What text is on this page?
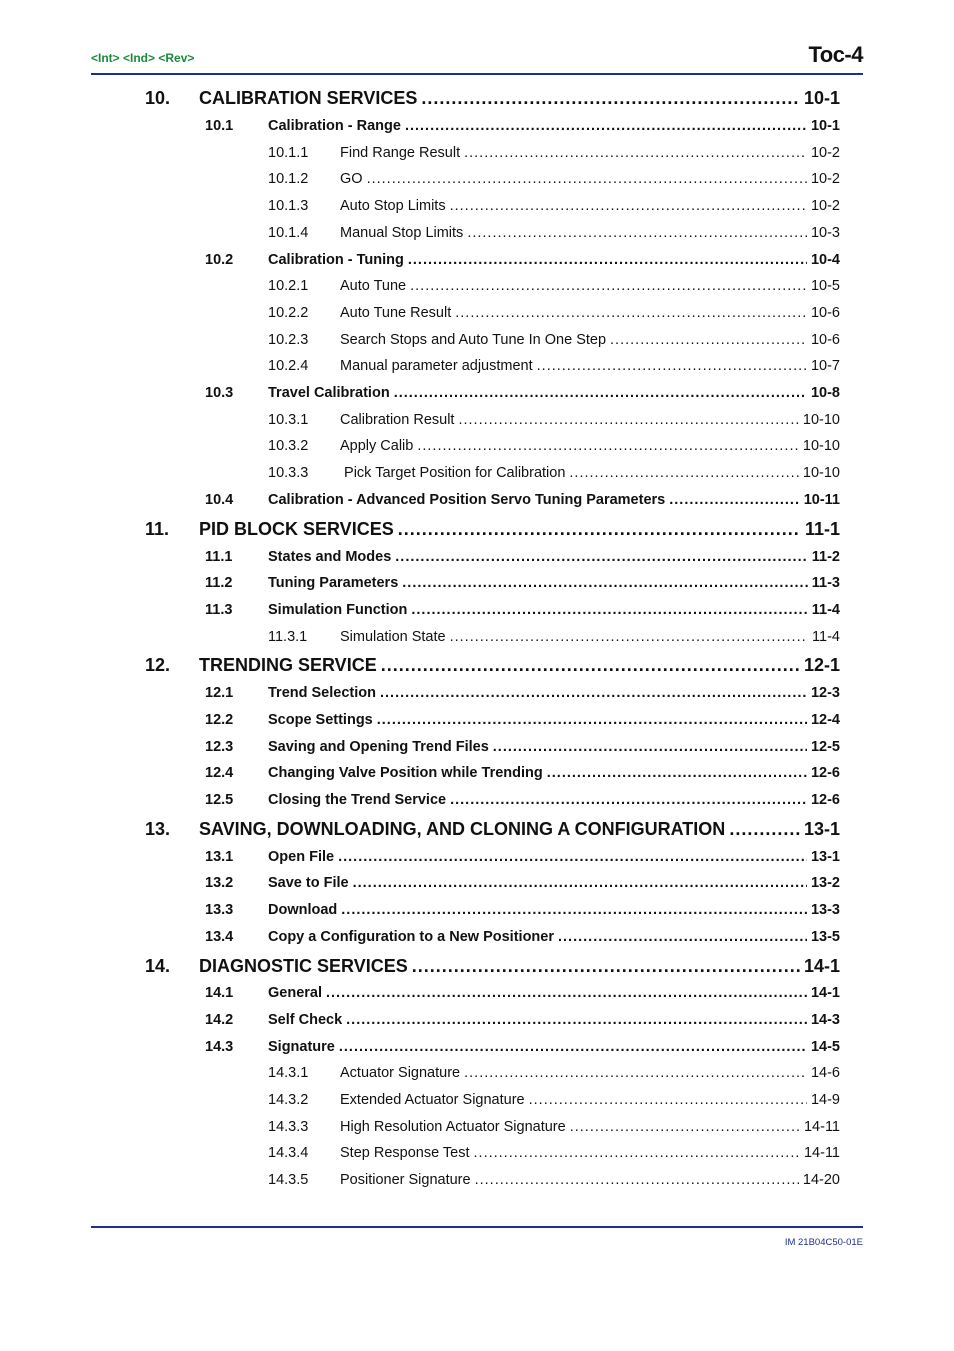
<Int> <Ind> <Rev>	Toc-4
10.	CALIBRATION SERVICES .....	10-1
10.1	Calibration - Range .....	10-1
10.1.1	Find Range Result .....	10-2
10.1.2	GO .....	10-2
10.1.3	Auto Stop Limits .....	10-2
10.1.4	Manual Stop Limits .....	10-3
10.2	Calibration - Tuning .....	10-4
10.2.1	Auto Tune .....	10-5
10.2.2	Auto Tune Result .....	10-6
10.2.3	Search Stops and Auto Tune In One Step .....	10-6
10.2.4	Manual parameter adjustment .....	10-7
10.3	Travel Calibration .....	10-8
10.3.1	Calibration Result .....	10-10
10.3.2	Apply Calib .....	10-10
10.3.3	Pick Target Position for Calibration .....	10-10
10.4	Calibration - Advanced Position Servo Tuning Parameters .....	10-11
11.	PID BLOCK SERVICES .....	11-1
11.1	States and Modes .....	11-2
11.2	Tuning Parameters .....	11-3
11.3	Simulation Function .....	11-4
11.3.1	Simulation State .....	11-4
12.	TRENDING SERVICE .....	12-1
12.1	Trend Selection .....	12-3
12.2	Scope Settings .....	12-4
12.3	Saving and Opening Trend Files .....	12-5
12.4	Changing Valve Position while Trending .....	12-6
12.5	Closing the Trend Service .....	12-6
13.	SAVING, DOWNLOADING, AND CLONING A CONFIGURATION .....	13-1
13.1	Open File .....	13-1
13.2	Save to File .....	13-2
13.3	Download .....	13-3
13.4	Copy a Configuration to a New Positioner .....	13-5
14.	DIAGNOSTIC SERVICES .....	14-1
14.1	General .....	14-1
14.2	Self Check .....	14-3
14.3	Signature .....	14-5
14.3.1	Actuator Signature .....	14-6
14.3.2	Extended Actuator Signature .....	14-9
14.3.3	High Resolution Actuator Signature .....	14-11
14.3.4	Step Response Test .....	14-11
14.3.5	Positioner Signature .....	14-20
IM 21B04C50-01E
